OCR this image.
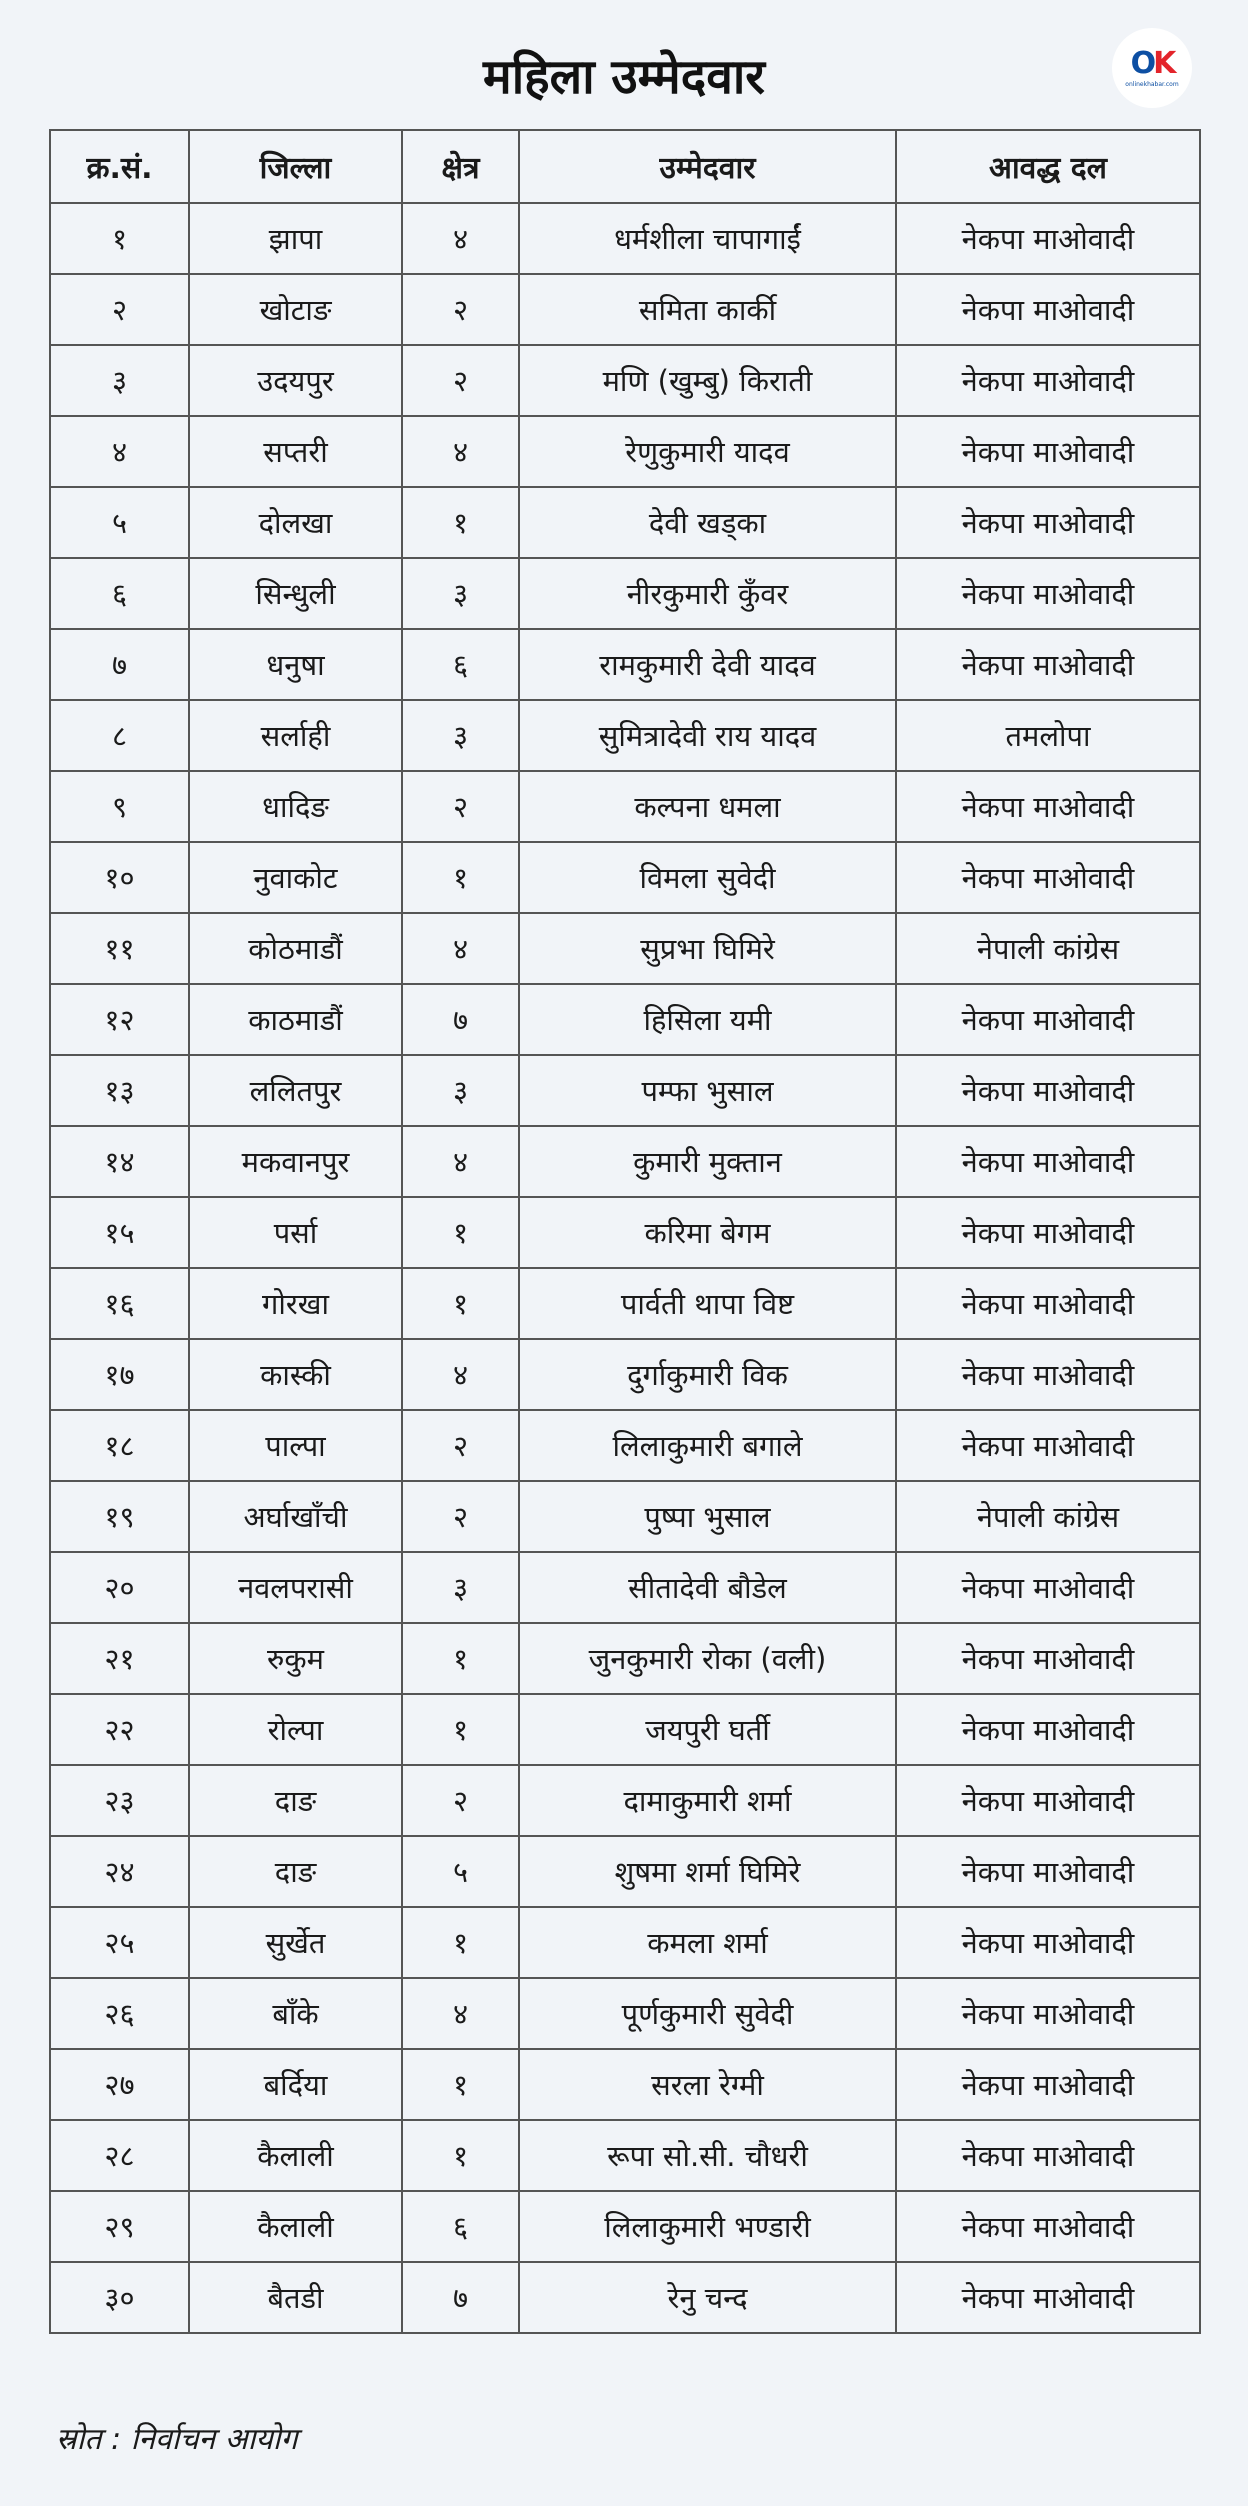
महिला उम्मेदवार	OK
onlinekhabar.com
क्र.सं.	जिल्ला	क्षेत्र	उम्मेदवार	आवद्ध दल
१	झापा	४	धर्मशीला चापागाईं	नेकपा माओवादी
२	खोटाङ	२	समिता कार्की	नेकपा माओवादी
३	उदयपुर	२	मणि (खुम्बु) किराती	नेकपा माओवादी
४	सप्तरी	४	रेणुकुमारी यादव	नेकपा माओवादी
५	दोलखा	१	देवी खड्का	नेकपा माओवादी
६	सिन्धुली	३	नीरकुमारी कुँवर	नेकपा माओवादी
७	धनुषा	६	रामकुमारी देवी यादव	नेकपा माओवादी
८	सर्लाही	३	सुमित्रादेवी राय यादव	तमलोपा
९	धादिङ	२	कल्पना धमला	नेकपा माओवादी
१०	नुवाकोट	१	विमला सुवेदी	नेकपा माओवादी
११	कोठमाडौं	४	सुप्रभा घिमिरे	नेपाली कांग्रेस
१२	काठमाडौं	७	हिसिला यमी	नेकपा माओवादी
१३	ललितपुर	३	पम्फा भुसाल	नेकपा माओवादी
१४	मकवानपुर	४	कुमारी मुक्तान	नेकपा माओवादी
१५	पर्सा	१	करिमा बेगम	नेकपा माओवादी
१६	गोरखा	१	पार्वती थापा विष्ट	नेकपा माओवादी
१७	कास्की	४	दुर्गाकुमारी विक	नेकपा माओवादी
१८	पाल्पा	२	लिलाकुमारी बगाले	नेकपा माओवादी
१९	अर्घाखाँची	२	पुष्पा भुसाल	नेपाली कांग्रेस
२०	नवलपरासी	३	सीतादेवी बौडेल	नेकपा माओवादी
२१	रुकुम	१	जुनकुमारी रोका (वली)	नेकपा माओवादी
२२	रोल्पा	१	जयपुरी घर्ती	नेकपा माओवादी
२३	दाङ	२	दामाकुमारी शर्मा	नेकपा माओवादी
२४	दाङ	५	शुषमा शर्मा घिमिरे	नेकपा माओवादी
२५	सुर्खेत	१	कमला शर्मा	नेकपा माओवादी
२६	बाँके	४	पूर्णकुमारी सुवेदी	नेकपा माओवादी
२७	बर्दिया	१	सरला रेग्मी	नेकपा माओवादी
२८	कैलाली	१	रूपा सो.सी. चौधरी	नेकपा माओवादी
२९	कैलाली	६	लिलाकुमारी भण्डारी	नेकपा माओवादी
३०	बैतडी	७	रेनु चन्द	नेकपा माओवादी
स्रोत : निर्वाचन आयोग
